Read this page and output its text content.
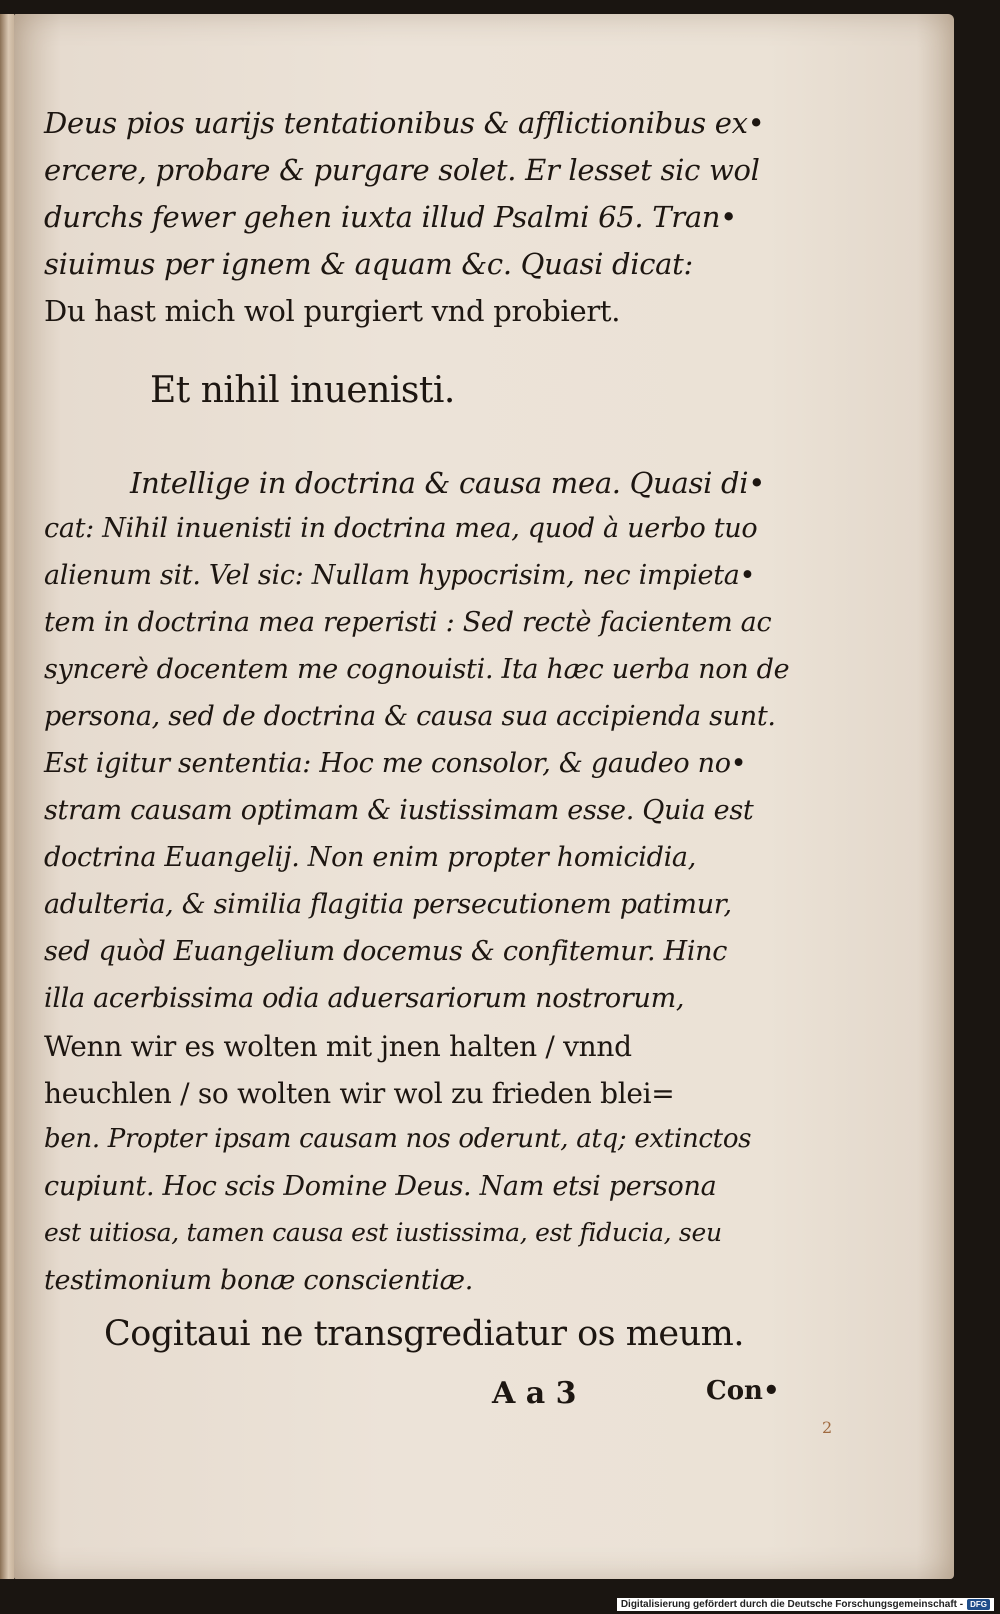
Deus pios uarijs tentationibus & afflictionibus ex•
ercere, probare & purgare solet. Er lesset sic wol
durchs fewer gehen iuxta illud Psalmi 65. Tran•
siuimus per ignem & aquam &c. Quasi dicat:
Du hast mich wol purgiert vnd probiert.
Et nihil inuenisti.
Intellige in doctrina & causa mea. Quasi di•
cat: Nihil inuenisti in doctrina mea, quod à uerbo tuo
alienum sit. Vel sic: Nullam hypocrisim, nec impieta•
tem in doctrina mea reperisti : Sed rectè facientem ac
syncerè docentem me cognouisti. Ita hæc uerba non de
persona, sed de doctrina & causa sua accipienda sunt.
Est igitur sententia: Hoc me consolor, & gaudeo no•
stram causam optimam & iustissimam esse. Quia est
doctrina Euangelij. Non enim propter homicidia,
adulteria, & similia flagitia persecutionem patimur,
sed quòd Euangelium docemus & confitemur. Hinc
illa acerbissima odia aduersariorum nostrorum,
Wenn wir es wolten mit jnen halten / vnnd
heuchlen / so wolten wir wol zu frieden blei=
ben. Propter ipsam causam nos oderunt, atq; extinctos
cupiunt. Hoc scis Domine Deus. Nam etsi persona
est uitiosa, tamen causa est iustissima, est fiducia, seu
testimonium bonæ conscientiæ.
Cogitaui ne transgrediatur os meum.
A a 3	Con•
2
Digitalisierung gefördert durch die Deutsche Forschungsgemeinschaft - DFG
